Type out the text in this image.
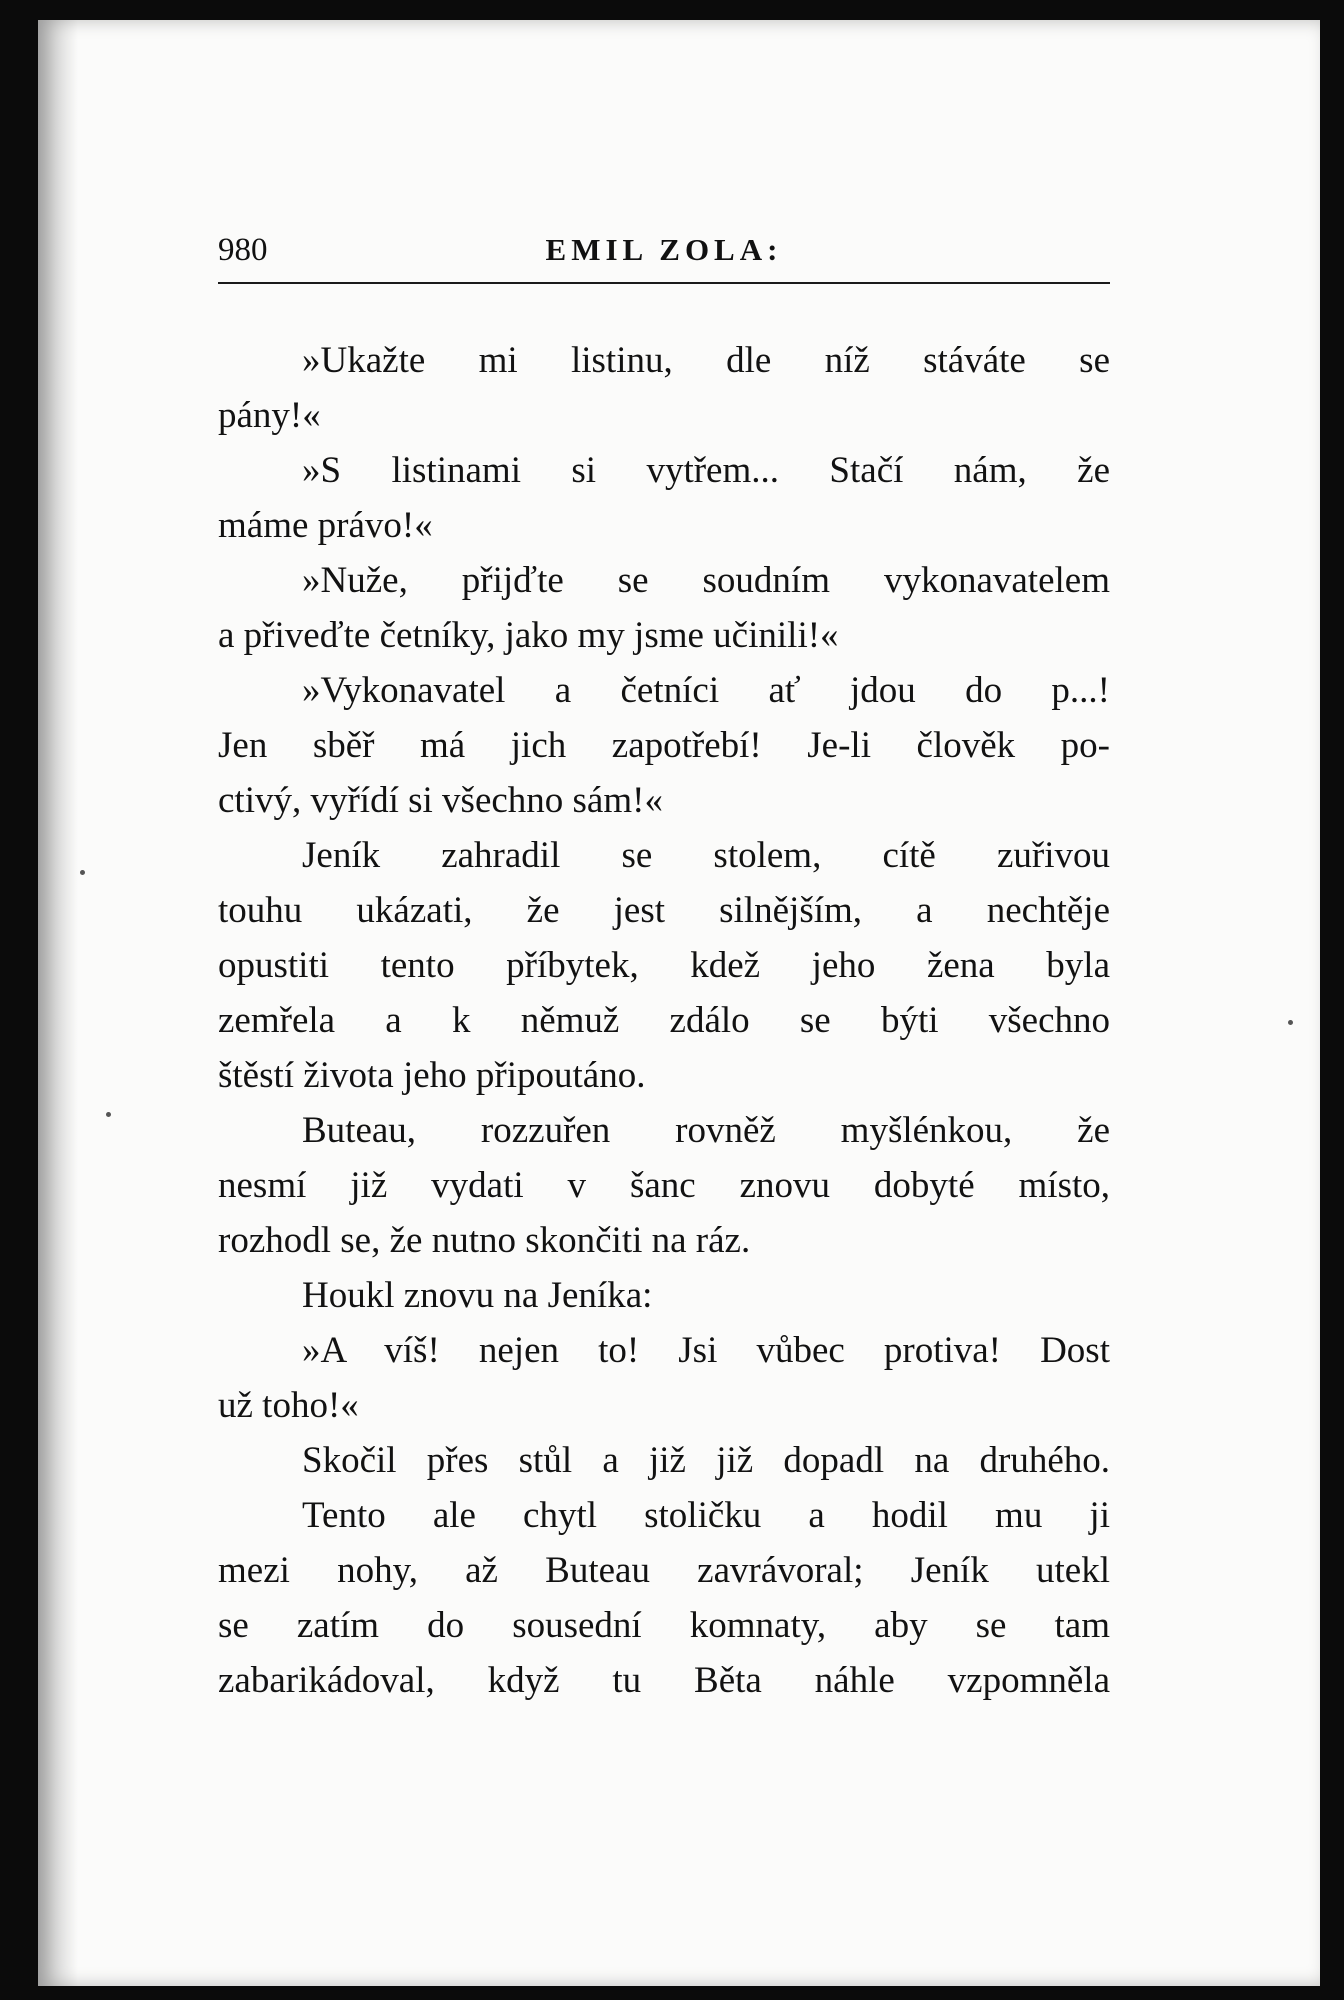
980	EMIL ZOLA:
»Ukažte mi listinu, dle níž stáváte se
pány!«
»S listinami si vytřem... Stačí nám, že
máme právo!«
»Nuže, přijďte se soudním vykonavatelem
a přiveďte četníky, jako my jsme učinili!«
»Vykonavatel a četníci ať jdou do p...!
Jen sběř má jich zapotřebí! Je-li člověk po-
ctivý, vyřídí si všechno sám!«
Jeník zahradil se stolem, cítě zuřivou
touhu ukázati, že jest silnějším, a nechtěje
opustiti tento příbytek, kdež jeho žena byla
zemřela a k němuž zdálo se býti všechno
štěstí života jeho připoutáno.
Buteau, rozzuřen rovněž myšlénkou, že
nesmí již vydati v šanc znovu dobyté místo,
rozhodl se, že nutno skončiti na ráz.
Houkl znovu na Jeníka:
»A víš! nejen to! Jsi vůbec protiva! Dost
už toho!«
Skočil přes stůl a již již dopadl na druhého.
Tento ale chytl stoličku a hodil mu ji
mezi nohy, až Buteau zavrávoral; Jeník utekl
se zatím do sousední komnaty, aby se tam
zabarikádoval, když tu Běta náhle vzpomněla
